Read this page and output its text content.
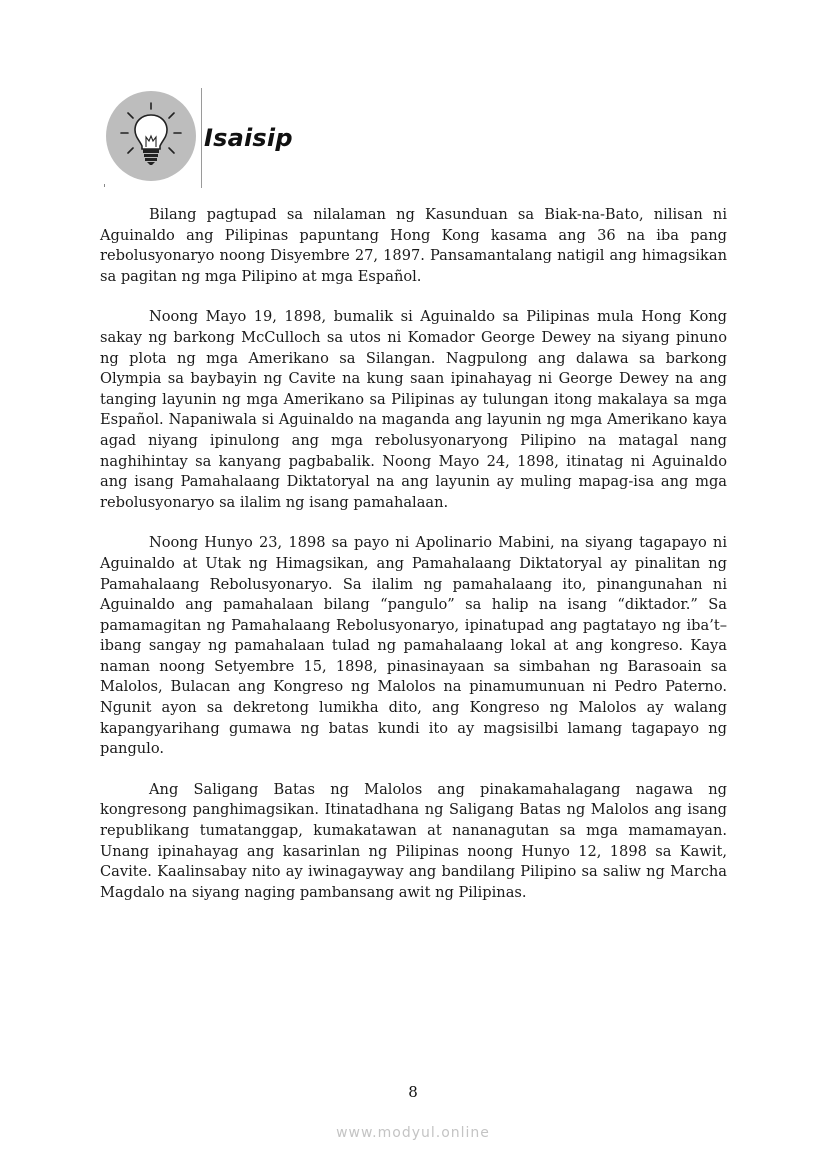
Isaisip

Bilang pagtupad sa nilalaman ng Kasunduan sa Biak-na-Bato, nilisan ni Aguinaldo ang Pilipinas papuntang Hong Kong kasama ang 36 na iba pang rebolusyonaryo noong Disyembre 27, 1897. Pansamantalang natigil ang himagsikan sa pagitan ng mga Pilipino at mga Español.

Noong Mayo 19, 1898, bumalik si Aguinaldo sa Pilipinas mula Hong Kong sakay ng barkong McCulloch sa utos ni Komador George Dewey na siyang pinuno ng plota ng mga Amerikano sa Silangan. Nagpulong ang dalawa sa barkong Olympia sa baybayin ng Cavite na kung saan ipinahayag ni George Dewey na ang tanging layunin ng mga Amerikano sa Pilipinas ay tulungan itong makalaya sa mga Español. Napaniwala si Aguinaldo na maganda ang layunin ng mga Amerikano kaya agad niyang ipinulong ang mga rebolusyonaryong Pilipino na matagal nang naghihintay sa kanyang pagbabalik. Noong Mayo 24, 1898, itinatag ni Aguinaldo ang isang Pamahalaang Diktatoryal na ang layunin ay muling mapag-isa ang mga rebolusyonaryo sa ilalim ng isang pamahalaan.

Noong Hunyo 23, 1898 sa payo ni Apolinario Mabini, na siyang tagapayo ni Aguinaldo at Utak ng Himagsikan, ang Pamahalaang Diktatoryal ay pinalitan ng Pamahalaang Rebolusyonaryo. Sa ilalim ng pamahalaang ito, pinangunahan ni Aguinaldo ang pamahalaan bilang “pangulo” sa halip na isang “diktador.” Sa pamamagitan ng Pamahalaang Rebolusyonaryo, ipinatupad ang pagtatayo ng iba’t–ibang sangay ng pamahalaan tulad ng pamahalaang lokal at ang kongreso. Kaya naman noong Setyembre 15, 1898, pinasinayaan sa simbahan ng Barasoain sa Malolos, Bulacan ang Kongreso ng Malolos na pinamumunuan ni Pedro Paterno. Ngunit ayon sa dekretong lumikha dito, ang Kongreso ng Malolos ay walang kapangyarihang gumawa ng batas kundi ito ay magsisilbi lamang tagapayo ng pangulo.

Ang Saligang Batas ng Malolos ang pinakamahalagang nagawa ng kongresong panghimagsikan. Itinatadhana ng Saligang Batas ng Malolos ang isang republikang tumatanggap, kumakatawan at nananagutan sa mga mamamayan. Unang ipinahayag ang kasarinlan ng Pilipinas noong Hunyo 12, 1898 sa Kawit, Cavite. Kaalinsabay nito ay iwinagayway ang bandilang Pilipino sa saliw ng Marcha Magdalo na siyang naging pambansang awit ng Pilipinas.

8
www.modyul.online
